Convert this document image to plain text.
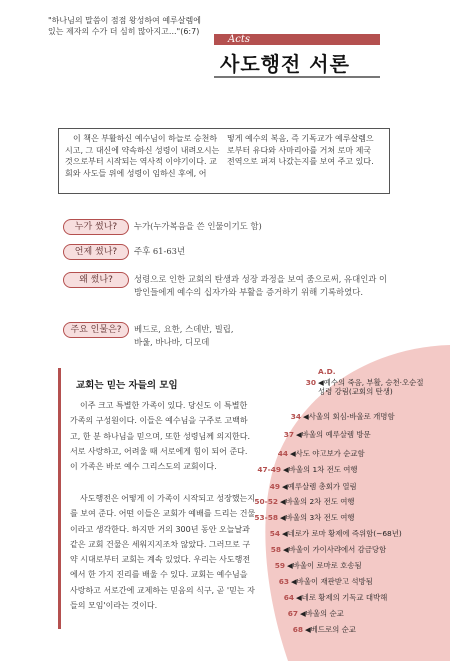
"하나님의 말씀이 점점 왕성하여 예루살렘에 있는 제자의 수가 더 심히 많아지고..."(6:7)
Acts
사도행전 서론
이 책은 부활하신 예수님이 하늘로 승천하시고, 그 대신에 약속하신 성령이 내려오시는 것으로부터 시작되는 역사적 이야기이다. 교회와 사도들 위에 성령이 임하신 후에, 어
떻게 예수의 복음, 즉 기독교가 예루살렘으로부터 유다와 사마리아를 거쳐 로마 제국 전역으로 퍼져 나갔는지를 보여 주고 있다.
누가 썼나?	누가(누가복음을 쓴 인물이기도 함)
언제 썼나?	주후 61-63년
왜 썼나?	성령으로 인한 교회의 탄생과 성장 과정을 보여 줌으로써, 유대인과 이방인들에게 예수의 십자가와 부활을 증거하기 위해 기록하였다.
주요 인물은?	베드로, 요한, 스데반, 빌립, 바울, 바나바, 디모데
교회는 믿는 자들의 모임
이주 크고 특별한 가족이 있다. 당신도 이 특별한 가족의 구성원이다. 이들은 예수님을 구주로 고백하고, 한 분 하나님을 믿으며, 또한 성령님께 의지한다. 서로 사랑하고, 어려울 때 서로에게 힘이 되어 준다. 이 가족은 바로 예수 그리스도의 교회이다.
사도행전은 어떻게 이 가족이 시작되고 성장했는지를 보여 준다. 어떤 이들은 교회가 예배를 드리는 건물이라고 생각한다. 하지만 거의 300년 동안 오늘날과 같은 교회 건물은 세워지지조차 않았다. 그러므로 구약 시대로부터 교회는 계속 있었다. 우리는 사도행전에서 한 가지 진리를 배울 수 있다. 교회는 예수님을 사랑하고 서로간에 교제하는 믿음의 식구, 곧 '믿는 자들의 모임'이라는 것이다.
A.D.
30 ◀예수의 죽음, 부활, 승천·오순절 성령 강림(교회의 탄생)
34 ◀사울의 회심-바울로 개명함
37 ◀바울의 예루살렘 방문
44 ◀사도 야고보가 순교함
47-49 ◀바울의 1차 전도 여행
49 ◀예루살렘 총회가 열림
50-52 ◀바울의 2차 전도 여행
53-58 ◀바울의 3차 전도 여행
54 ◀네로가 로마 황제에 즉위함(~68년)
58 ◀바울이 가이사랴에서 감금당함
59 ◀바울이 로마로 호송됨
63 ◀바울이 재판받고 석방됨
64 ◀네로 황제의 기독교 대박해
67 ◀바울의 순교
68 ◀베드로의 순교
